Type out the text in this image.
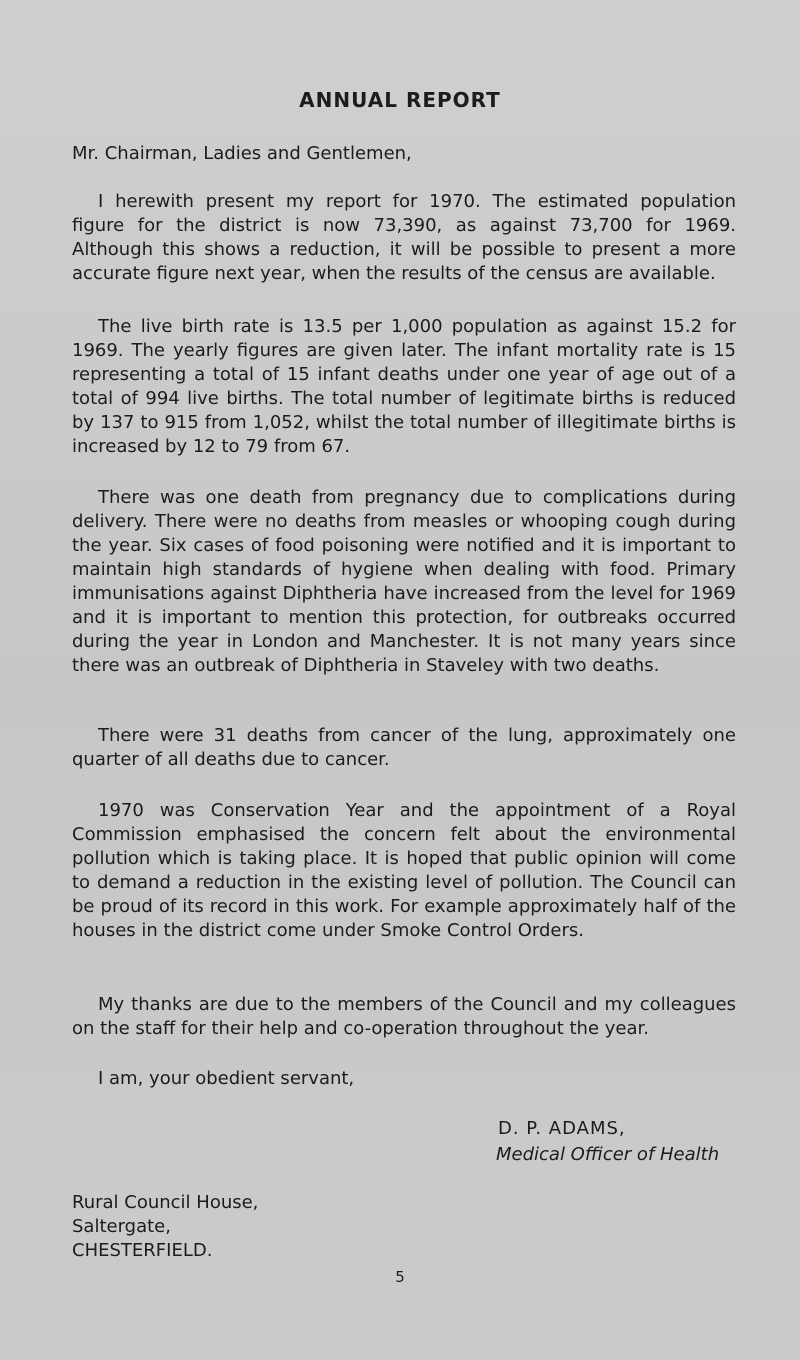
ANNUAL REPORT
Mr. Chairman, Ladies and Gentlemen,

I herewith present my report for 1970. The estimated population figure for the district is now 73,390, as against 73,700 for 1969. Although this shows a reduction, it will be possible to present a more accurate figure next year, when the results of the census are available.

The live birth rate is 13.5 per 1,000 population as against 15.2 for 1969. The yearly figures are given later. The infant mortality rate is 15 representing a total of 15 infant deaths under one year of age out of a total of 994 live births. The total number of legitimate births is reduced by 137 to 915 from 1,052, whilst the total number of illegitimate births is increased by 12 to 79 from 67.

There was one death from pregnancy due to complications during delivery. There were no deaths from measles or whooping cough during the year. Six cases of food poisoning were notified and it is important to maintain high standards of hygiene when dealing with food. Primary immunisations against Diphtheria have increased from the level for 1969 and it is important to mention this protection, for outbreaks occurred during the year in London and Manchester. It is not many years since there was an outbreak of Diphtheria in Staveley with two deaths.

There were 31 deaths from cancer of the lung, approximately one quarter of all deaths due to cancer.

1970 was Conservation Year and the appointment of a Royal Commission emphasised the concern felt about the environmental pollution which is taking place. It is hoped that public opinion will come to demand a reduction in the existing level of pollution. The Council can be proud of its record in this work. For example approximately half of the houses in the district come under Smoke Control Orders.

My thanks are due to the members of the Council and my colleagues on the staff for their help and co-operation throughout the year.

I am, your obedient servant,
D. P. ADAMS,
Medical Officer of Health
Rural Council House,
Saltergate,
CHESTERFIELD.
5
